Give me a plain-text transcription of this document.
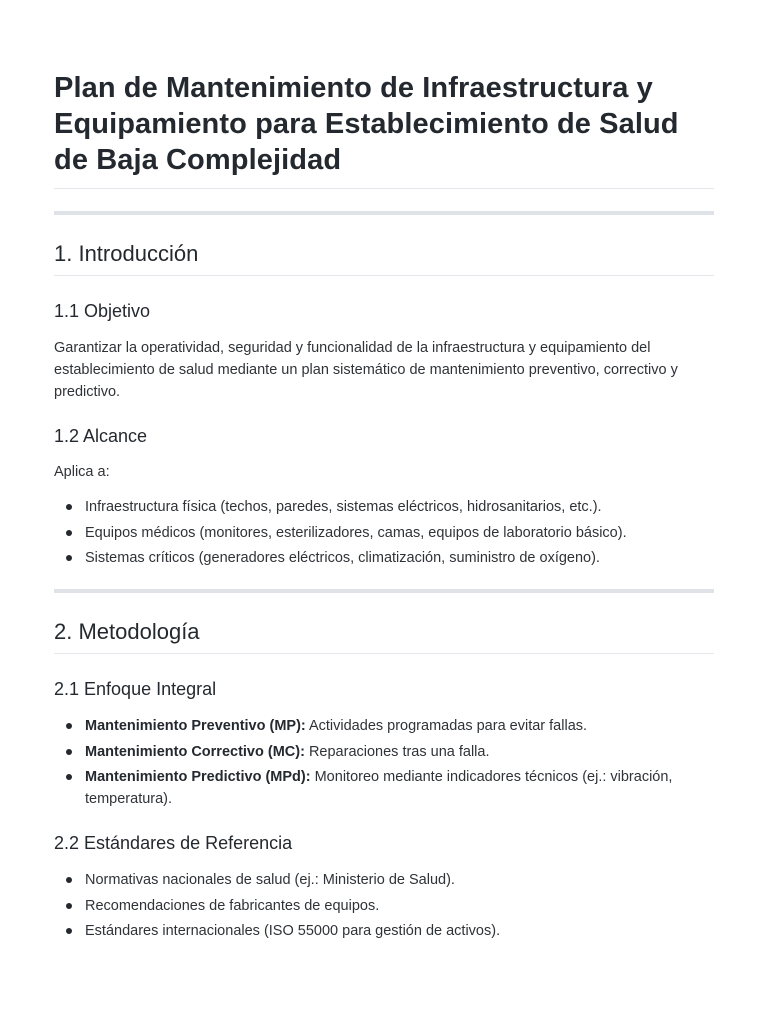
Plan de Mantenimiento de Infraestructura y Equipamiento para Establecimiento de Salud de Baja Complejidad
1. Introducción
1.1 Objetivo

Garantizar la operatividad, seguridad y funcionalidad de la infraestructura y equipamiento del establecimiento de salud mediante un plan sistemático de mantenimiento preventivo, correctivo y predictivo.

1.2 Alcance

Aplica a:

Infraestructura física (techos, paredes, sistemas eléctricos, hidrosanitarios, etc.).
Equipos médicos (monitores, esterilizadores, camas, equipos de laboratorio básico).
Sistemas críticos (generadores eléctricos, climatización, suministro de oxígeno).
2. Metodología
2.1 Enfoque Integral
Mantenimiento Preventivo (MP): Actividades programadas para evitar fallas.
Mantenimiento Correctivo (MC): Reparaciones tras una falla.
Mantenimiento Predictivo (MPd): Monitoreo mediante indicadores técnicos (ej.: vibración, temperatura).
2.2 Estándares de Referencia
Normativas nacionales de salud (ej.: Ministerio de Salud).
Recomendaciones de fabricantes de equipos.
Estándares internacionales (ISO 55000 para gestión de activos).
